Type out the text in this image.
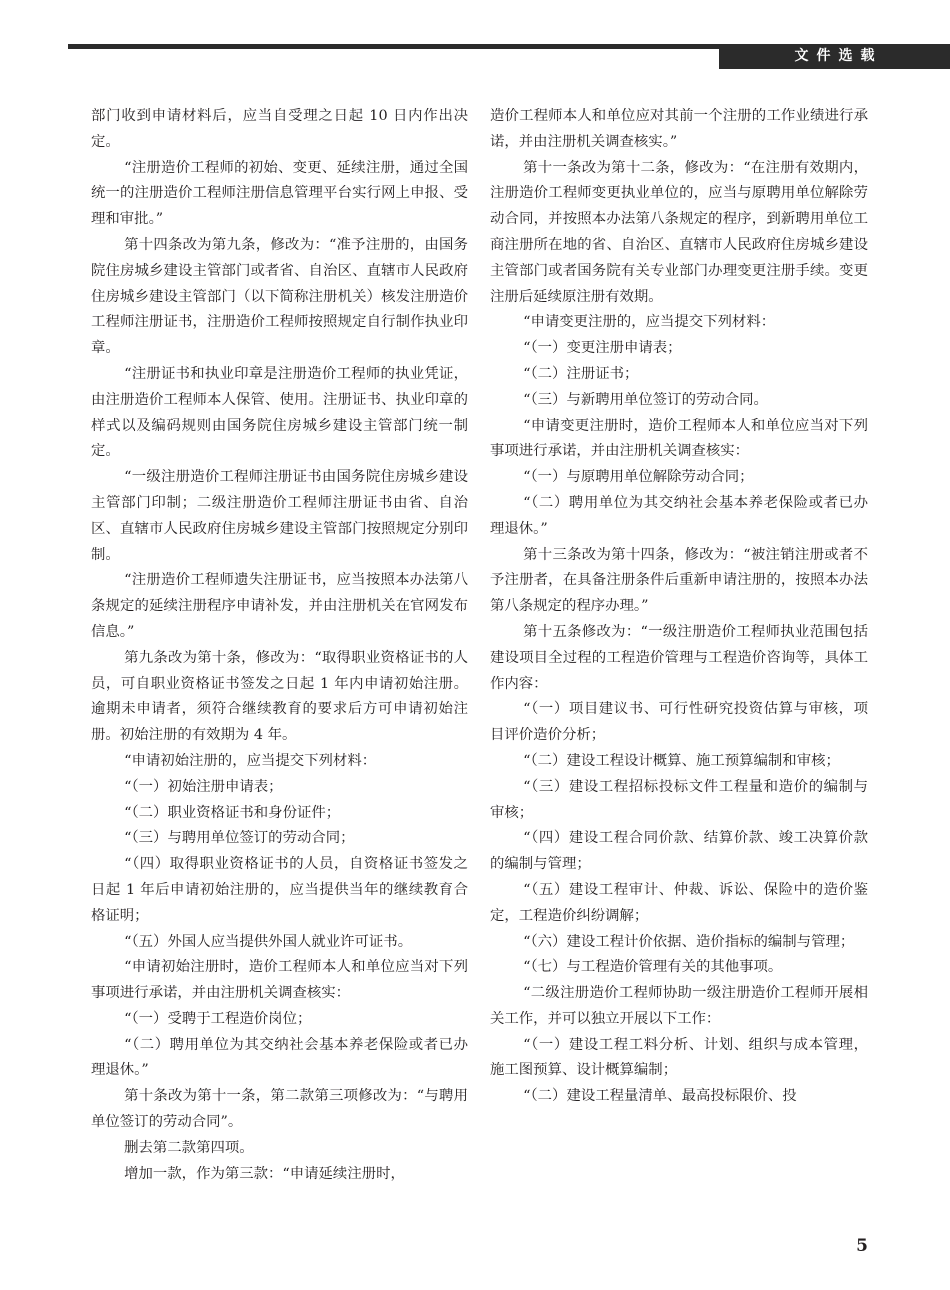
文件选载

部门收到申请材料后，应当自受理之日起 10 日内作出决定。

“注册造价工程师的初始、变更、延续注册，通过全国统一的注册造价工程师注册信息管理平台实行网上申报、受理和审批。”

第十四条改为第九条，修改为：“准予注册的，由国务院住房城乡建设主管部门或者省、自治区、直辖市人民政府住房城乡建设主管部门（以下简称注册机关）核发注册造价工程师注册证书，注册造价工程师按照规定自行制作执业印章。

“注册证书和执业印章是注册造价工程师的执业凭证，由注册造价工程师本人保管、使用。注册证书、执业印章的样式以及编码规则由国务院住房城乡建设主管部门统一制定。

“一级注册造价工程师注册证书由国务院住房城乡建设主管部门印制；二级注册造价工程师注册证书由省、自治区、直辖市人民政府住房城乡建设主管部门按照规定分别印制。

“注册造价工程师遗失注册证书，应当按照本办法第八条规定的延续注册程序申请补发，并由注册机关在官网发布信息。”

第九条改为第十条，修改为：“取得职业资格证书的人员，可自职业资格证书签发之日起 1 年内申请初始注册。逾期未申请者，须符合继续教育的要求后方可申请初始注册。初始注册的有效期为 4 年。

“申请初始注册的，应当提交下列材料：

“（一）初始注册申请表；

“（二）职业资格证书和身份证件；

“（三）与聘用单位签订的劳动合同；

“（四）取得职业资格证书的人员，自资格证书签发之日起 1 年后申请初始注册的，应当提供当年的继续教育合格证明；

“（五）外国人应当提供外国人就业许可证书。

“申请初始注册时，造价工程师本人和单位应当对下列事项进行承诺，并由注册机关调查核实：

“（一）受聘于工程造价岗位；

“（二）聘用单位为其交纳社会基本养老保险或者已办理退休。”

第十条改为第十一条，第二款第三项修改为：“与聘用单位签订的劳动合同”。

删去第二款第四项。

增加一款，作为第三款：“申请延续注册时，

造价工程师本人和单位应对其前一个注册的工作业绩进行承诺，并由注册机关调查核实。”

第十一条改为第十二条，修改为：“在注册有效期内，注册造价工程师变更执业单位的，应当与原聘用单位解除劳动合同，并按照本办法第八条规定的程序，到新聘用单位工商注册所在地的省、自治区、直辖市人民政府住房城乡建设主管部门或者国务院有关专业部门办理变更注册手续。变更注册后延续原注册有效期。

“申请变更注册的，应当提交下列材料：

“（一）变更注册申请表；

“（二）注册证书；

“（三）与新聘用单位签订的劳动合同。

“申请变更注册时，造价工程师本人和单位应当对下列事项进行承诺，并由注册机关调查核实：

“（一）与原聘用单位解除劳动合同；

“（二）聘用单位为其交纳社会基本养老保险或者已办理退休。”

第十三条改为第十四条，修改为：“被注销注册或者不予注册者，在具备注册条件后重新申请注册的，按照本办法第八条规定的程序办理。”

第十五条修改为：“一级注册造价工程师执业范围包括建设项目全过程的工程造价管理与工程造价咨询等，具体工作内容：

“（一）项目建议书、可行性研究投资估算与审核，项目评价造价分析；

“（二）建设工程设计概算、施工预算编制和审核；

“（三）建设工程招标投标文件工程量和造价的编制与审核；

“（四）建设工程合同价款、结算价款、竣工决算价款的编制与管理；

“（五）建设工程审计、仲裁、诉讼、保险中的造价鉴定，工程造价纠纷调解；

“（六）建设工程计价依据、造价指标的编制与管理；

“（七）与工程造价管理有关的其他事项。

“二级注册造价工程师协助一级注册造价工程师开展相关工作，并可以独立开展以下工作：

“（一）建设工程工料分析、计划、组织与成本管理，施工图预算、设计概算编制；

“（二）建设工程量清单、最高投标限价、投

5
